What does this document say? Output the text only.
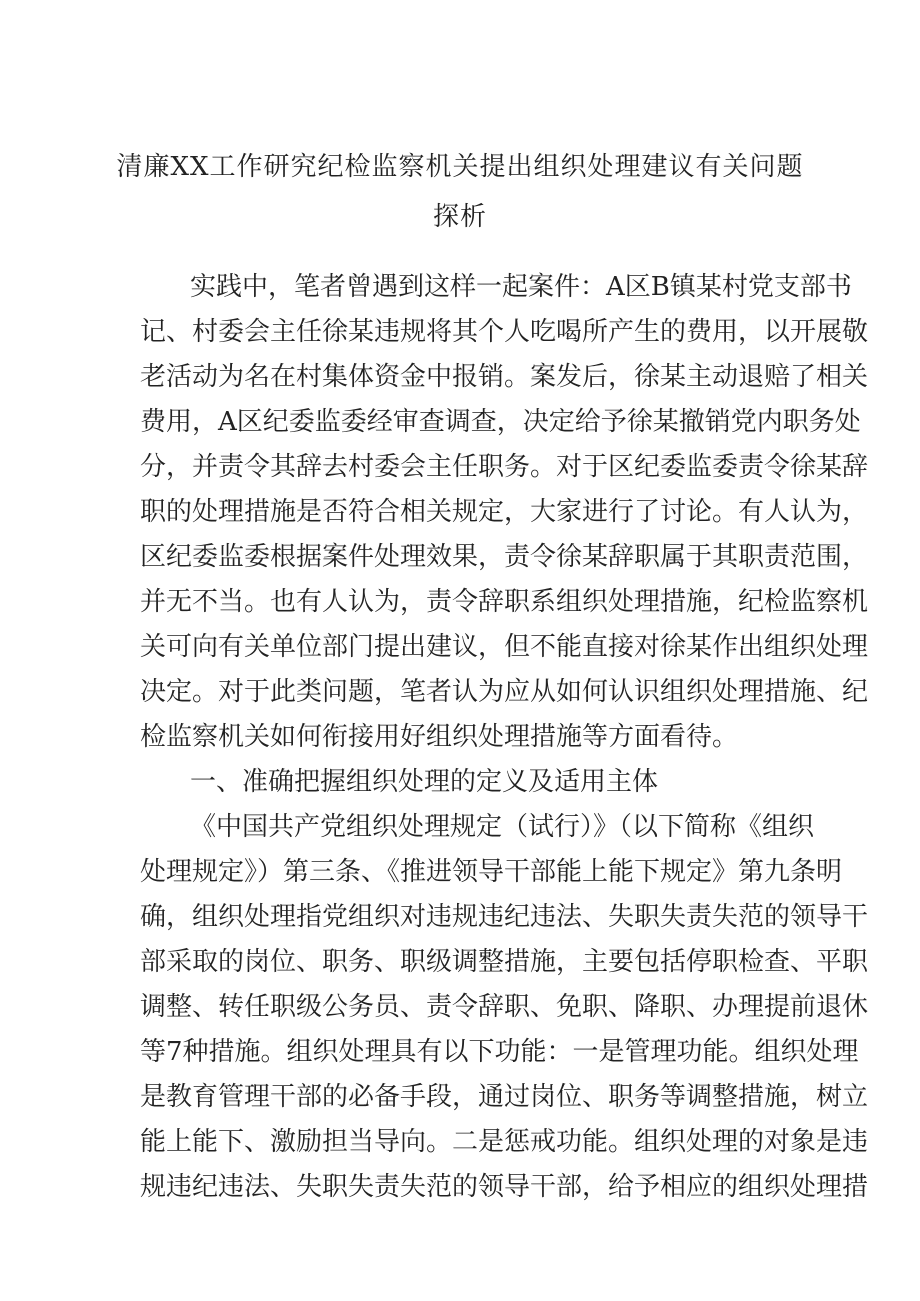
清廉XX工作研究纪检监察机关提出组织处理建议有关问题
探析
实践中，笔者曾遇到这样一起案件：A区B镇某村党支部书
记、村委会主任徐某违规将其个人吃喝所产生的费用，以开展敬
老活动为名在村集体资金中报销。案发后，徐某主动退赔了相关
费用，A区纪委监委经审查调查，决定给予徐某撤销党内职务处
分，并责令其辞去村委会主任职务。对于区纪委监委责令徐某辞
职的处理措施是否符合相关规定，大家进行了讨论。有人认为，
区纪委监委根据案件处理效果，责令徐某辞职属于其职责范围，
并无不当。也有人认为，责令辞职系组织处理措施，纪检监察机
关可向有关单位部门提出建议，但不能直接对徐某作出组织处理
决定。对于此类问题，笔者认为应从如何认识组织处理措施、纪
检监察机关如何衔接用好组织处理措施等方面看待。
一、准确把握组织处理的定义及适用主体
《中国共产党组织处理规定（试行）》（以下简称《组织
处理规定》）第三条、《推进领导干部能上能下规定》第九条明
确，组织处理指党组织对违规违纪违法、失职失责失范的领导干
部采取的岗位、职务、职级调整措施，主要包括停职检查、平职
调整、转任职级公务员、责令辞职、免职、降职、办理提前退休
等7种措施。组织处理具有以下功能：一是管理功能。组织处理
是教育管理干部的必备手段，通过岗位、职务等调整措施，树立
能上能下、激励担当导向。二是惩戒功能。组织处理的对象是违
规违纪违法、失职失责失范的领导干部，给予相应的组织处理措
